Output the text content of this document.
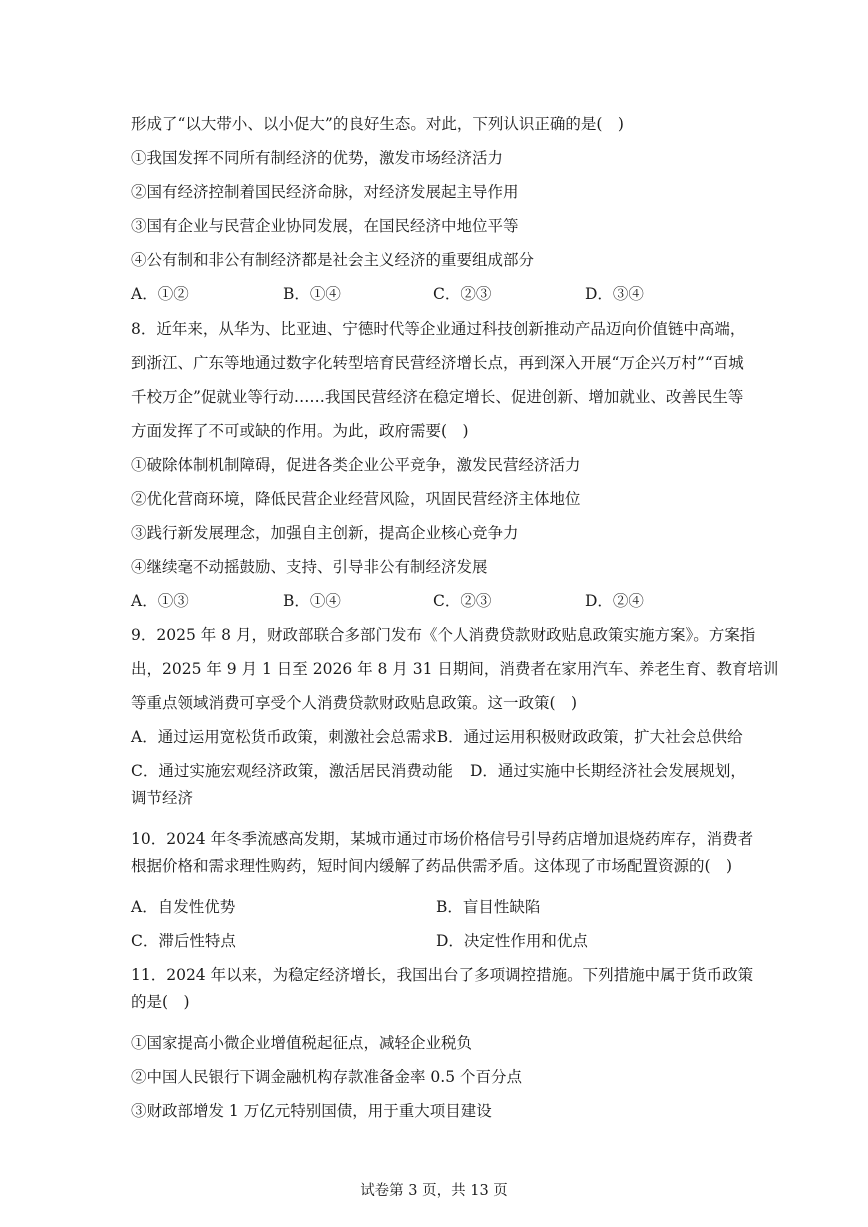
形成了“以大带小、以小促大”的良好生态。对此，下列认识正确的是(　)
①我国发挥不同所有制经济的优势，激发市场经济活力
②国有经济控制着国民经济命脉，对经济发展起主导作用
③国有企业与民营企业协同发展，在国民经济中地位平等
④公有制和非公有制经济都是社会主义经济的重要组成部分
A．①②	B．①④	C．②③	D．③④
8．近年来，从华为、比亚迪、宁德时代等企业通过科技创新推动产品迈向价值链中高端，
到浙江、广东等地通过数字化转型培育民营经济增长点，再到深入开展“万企兴万村”“百城
千校万企”促就业等行动……我国民营经济在稳定增长、促进创新、增加就业、改善民生等
方面发挥了不可或缺的作用。为此，政府需要(　)
①破除体制机制障碍，促进各类企业公平竞争，激发民营经济活力
②优化营商环境，降低民营企业经营风险，巩固民营经济主体地位
③践行新发展理念，加强自主创新，提高企业核心竞争力
④继续毫不动摇鼓励、支持、引导非公有制经济发展
A．①③	B．①④	C．②③	D．②④
9．2025 年 8 月，财政部联合多部门发布《个人消费贷款财政贴息政策实施方案》。方案指
出，2025 年 9 月 1 日至 2026 年 8 月 31 日期间，消费者在家用汽车、养老生育、教育培训
等重点领域消费可享受个人消费贷款财政贴息政策。这一政策(　)
A．通过运用宽松货币政策，刺激社会总需求B．通过运用积极财政政策，扩大社会总供给
C．通过实施宏观经济政策，激活居民消费动能 D．通过实施中长期经济社会发展规划，
调节经济
10．2024 年冬季流感高发期，某城市通过市场价格信号引导药店增加退烧药库存，消费者
根据价格和需求理性购药，短时间内缓解了药品供需矛盾。这体现了市场配置资源的(　)
A．自发性优势	B．盲目性缺陷
C．滞后性特点	D．决定性作用和优点
11．2024 年以来，为稳定经济增长，我国出台了多项调控措施。下列措施中属于货币政策
的是(　)
①国家提高小微企业增值税起征点，减轻企业税负
②中国人民银行下调金融机构存款准备金率 0.5 个百分点
③财政部增发 1 万亿元特别国债，用于重大项目建设
试卷第 3 页，共 13 页
